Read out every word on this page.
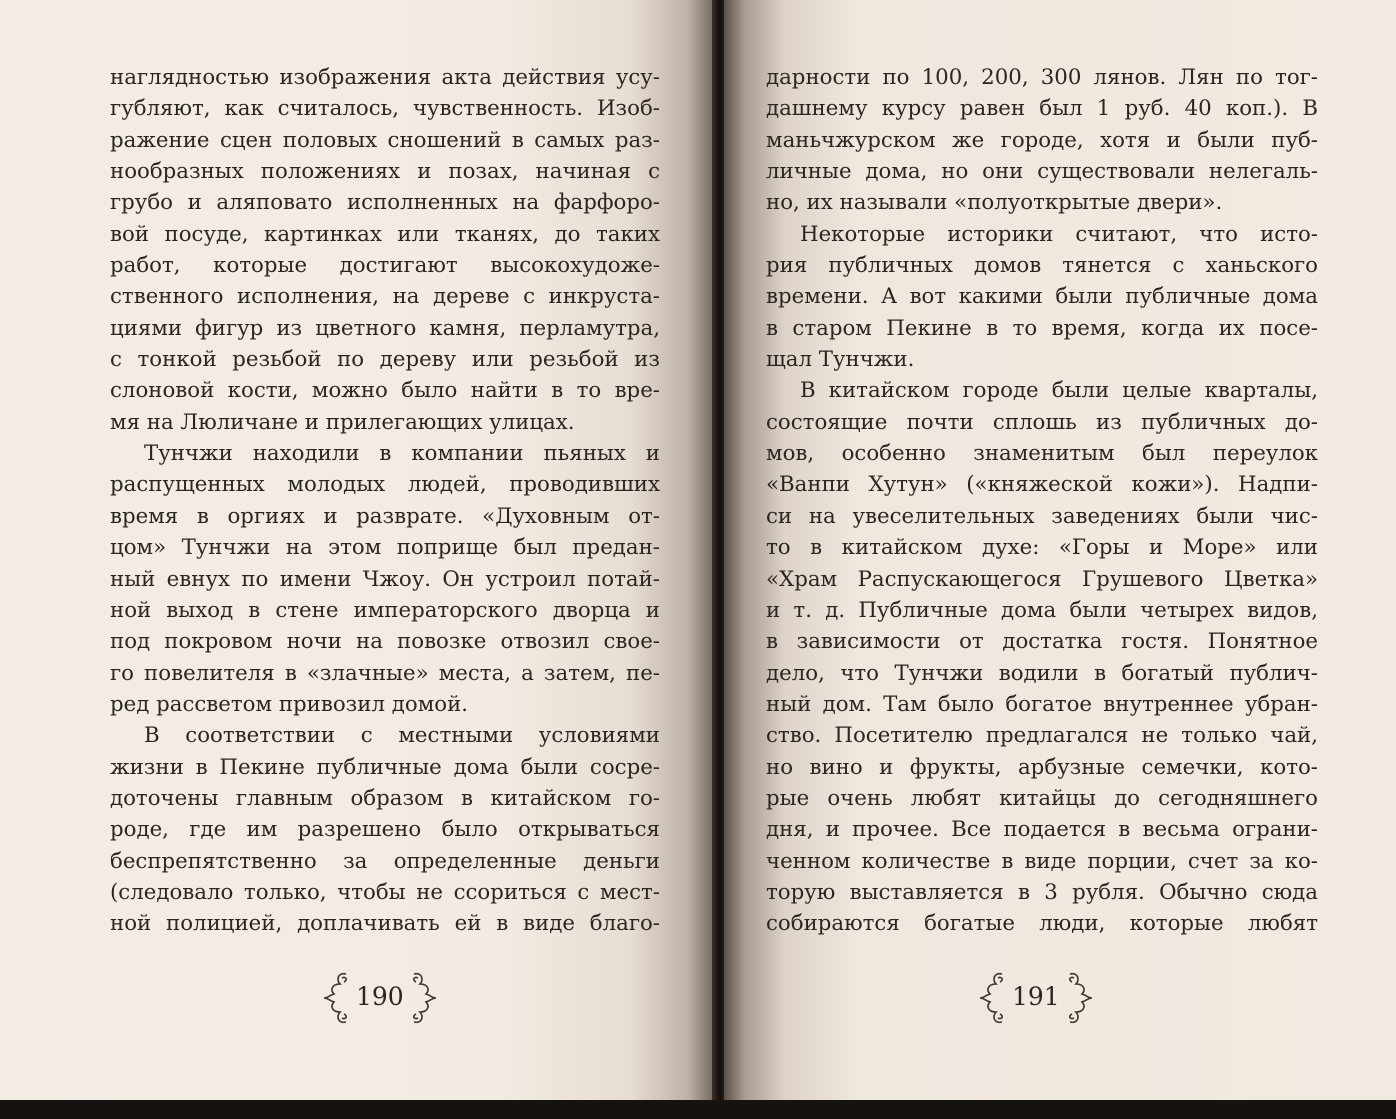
наглядностью изображения акта действия усу-

губляют, как считалось, чувственность. Изоб-

ражение сцен половых сношений в самых раз-

нообразных положениях и позах, начиная с

грубо и аляповато исполненных на фарфоро-

вой посуде, картинках или тканях, до таких

работ, которые достигают высокохудоже-

ственного исполнения, на дереве с инкруста-

циями фигур из цветного камня, перламутра,

с тонкой резьбой по дереву или резьбой из

слоновой кости, можно было найти в то вре-

мя на Люличане и прилегающих улицах.

Тунчжи находили в компании пьяных и

распущенных молодых людей, проводивших

время в оргиях и разврате. «Духовным от-

цом» Тунчжи на этом поприще был предан-

ный евнух по имени Чжоу. Он устроил потай-

ной выход в стене императорского дворца и

под покровом ночи на повозке отвозил свое-

го повелителя в «злачные» места, а затем, пе-

ред рассветом привозил домой.

В соответствии с местными условиями

жизни в Пекине публичные дома были сосре-

доточены главным образом в китайском го-

роде, где им разрешено было открываться

беспрепятственно за определенные деньги

(следовало только, чтобы не ссориться с мест-

ной полицией, доплачивать ей в виде благо-

190

дарности по 100, 200, 300 лянов. Лян по тог-

дашнему курсу равен был 1 руб. 40 коп.). В

маньчжурском же городе, хотя и были пуб-

личные дома, но они существовали нелегаль-

но, их называли «полуоткрытые двери».

Некоторые историки считают, что исто-

рия публичных домов тянется с ханьского

времени. А вот какими были публичные дома

в старом Пекине в то время, когда их посе-

щал Тунчжи.

В китайском городе были целые кварталы,

состоящие почти сплошь из публичных до-

мов, особенно знаменитым был переулок

«Ванпи Хутун» («княжеской кожи»). Надпи-

си на увеселительных заведениях были чис-

то в китайском духе: «Горы и Море» или

«Храм Распускающегося Грушевого Цветка»

и т. д. Публичные дома были четырех видов,

в зависимости от достатка гостя. Понятное

дело, что Тунчжи водили в богатый публич-

ный дом. Там было богатое внутреннее убран-

ство. Посетителю предлагался не только чай,

но вино и фрукты, арбузные семечки, кото-

рые очень любят китайцы до сегодняшнего

дня, и прочее. Все подается в весьма ограни-

ченном количестве в виде порции, счет за ко-

торую выставляется в 3 рубля. Обычно сюда

собираются богатые люди, которые любят

191
